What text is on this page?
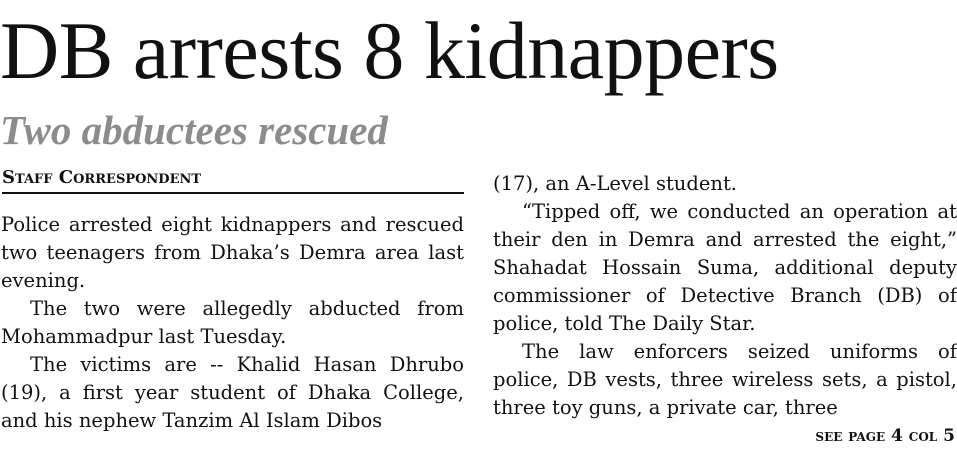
DB arrests 8 kidnappers
Two abductees rescued
Staff Correspondent

Police arrested eight kidnappers and rescued two teenagers from Dhaka’s Demra area last evening.

The two were allegedly abducted from Mohammadpur last Tuesday.

The victims are -- Khalid Hasan Dhrubo (19), a first year student of Dhaka College, and his nephew Tanzim Al Islam Dibos

(17), an A-Level student.

“Tipped off, we conducted an operation at their den in Demra and arrested the eight,” Shahadat Hossain Suma, additional deputy commissioner of Detective Branch (DB) of police, told The Daily Star.

The law enforcers seized uniforms of police, DB vests, three wireless sets, a pistol, three toy guns, a private car, three

see page 4 col 5
